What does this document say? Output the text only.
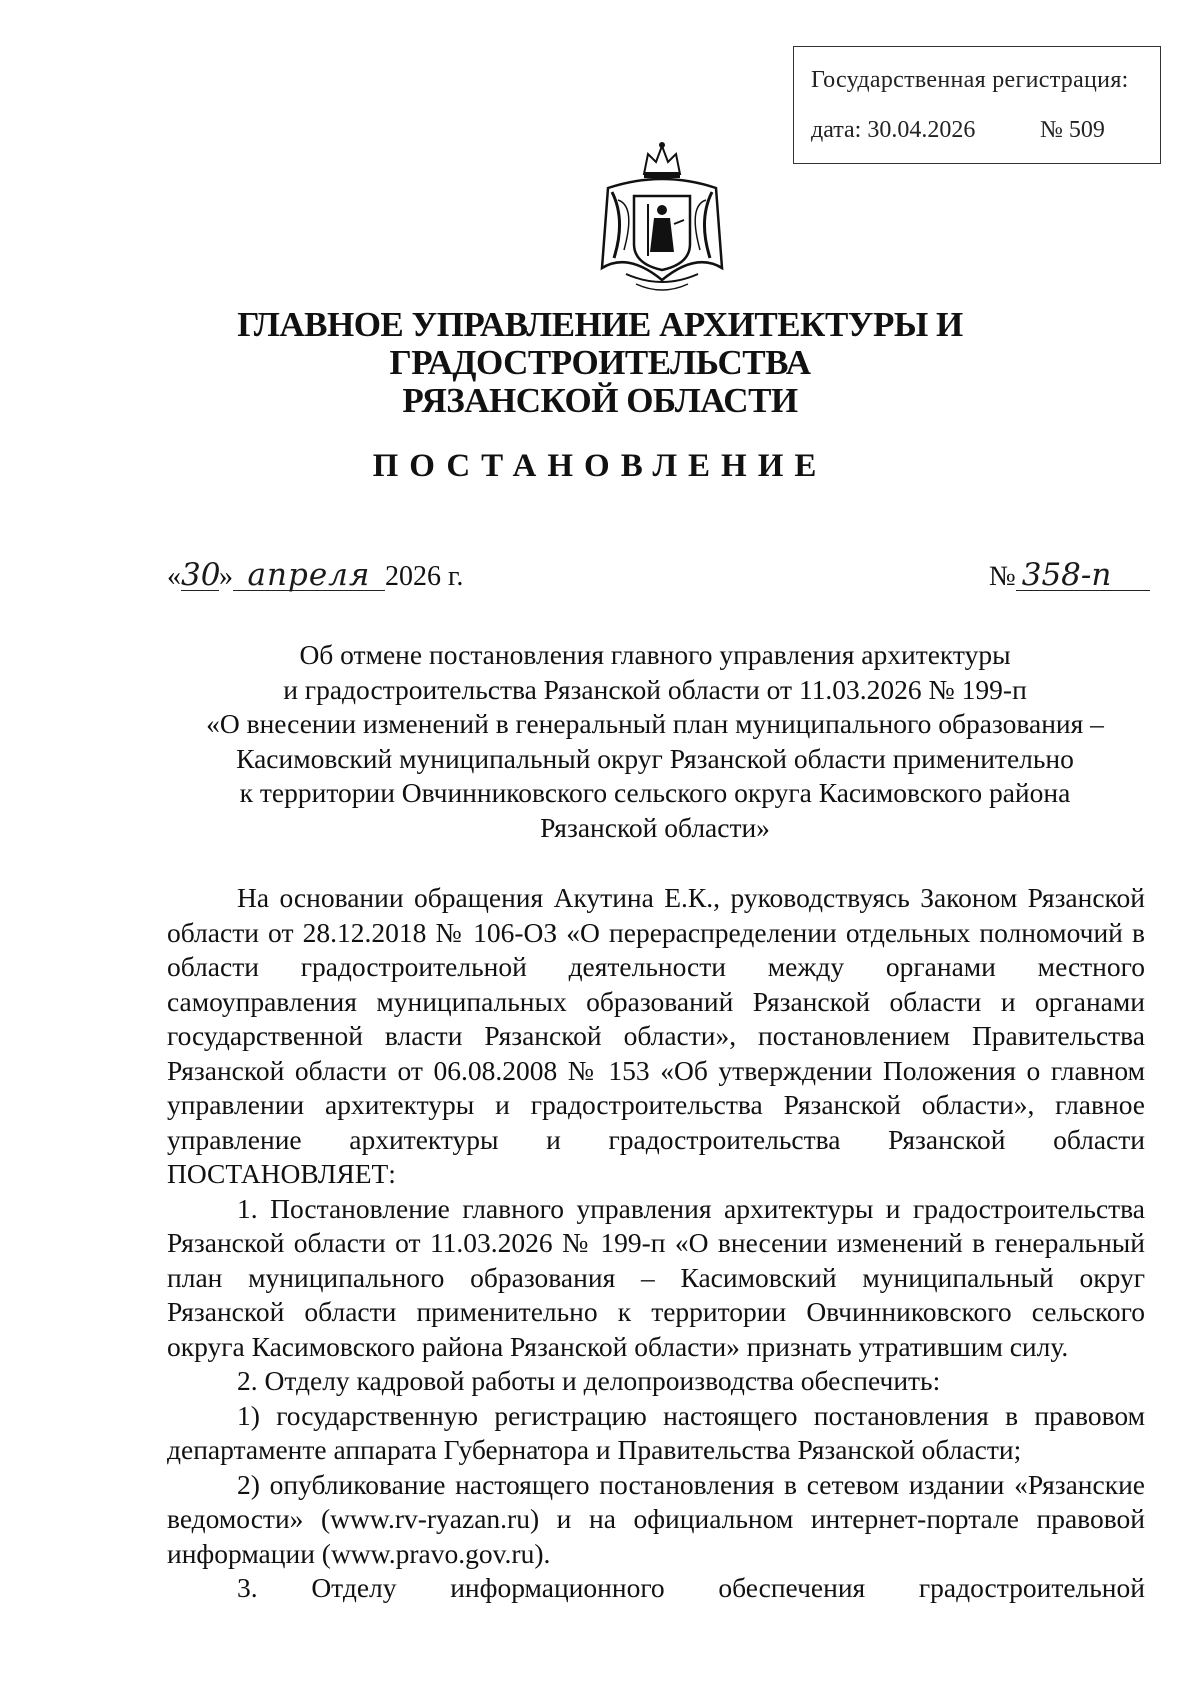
Государственная регистрация:
дата: 30.04.2026	№ 509
ГЛАВНОЕ УПРАВЛЕНИЕ АРХИТЕКТУРЫ И ГРАДОСТРОИТЕЛЬСТВА
РЯЗАНСКОЙ ОБЛАСТИ
ПОСТАНОВЛЕНИЕ
«30» апреля 2026 г.	№ 358-п
Об отмене постановления главного управления архитектуры
и градостроительства Рязанской области от 11.03.2026 № 199-п
«О внесении изменений в генеральный план муниципального образования –
Касимовский муниципальный округ Рязанской области применительно
к территории Овчинниковского сельского округа Касимовского района
Рязанской области»

На основании обращения Акутина Е.К., руководствуясь Законом Рязанской области от 28.12.2018 № 106-ОЗ «О перераспределении отдельных полномочий в области градостроительной деятельности между органами местного самоуправления муниципальных образований Рязанской области и органами государственной власти Рязанской области», постановлением Правительства Рязанской области от 06.08.2008 № 153 «Об утверждении Положения о главном управлении архитектуры и градостроительства Рязанской области», главное управление архитектуры и градостроительства Рязанской области ПОСТАНОВЛЯЕТ:

1. Постановление главного управления архитектуры и градостроительства Рязанской области от 11.03.2026 № 199-п «О внесении изменений в генеральный план муниципального образования – Касимовский муниципальный округ Рязанской области применительно к территории Овчинниковского сельского округа Касимовского района Рязанской области» признать утратившим силу.

2. Отделу кадровой работы и делопроизводства обеспечить:

1) государственную регистрацию настоящего постановления в правовом департаменте аппарата Губернатора и Правительства Рязанской области;

2) опубликование настоящего постановления в сетевом издании «Рязанские ведомости» (www.rv-ryazan.ru) и на официальном интернет-портале правовой информации (www.pravo.gov.ru).

3. Отделу информационного обеспечения градостроительной
